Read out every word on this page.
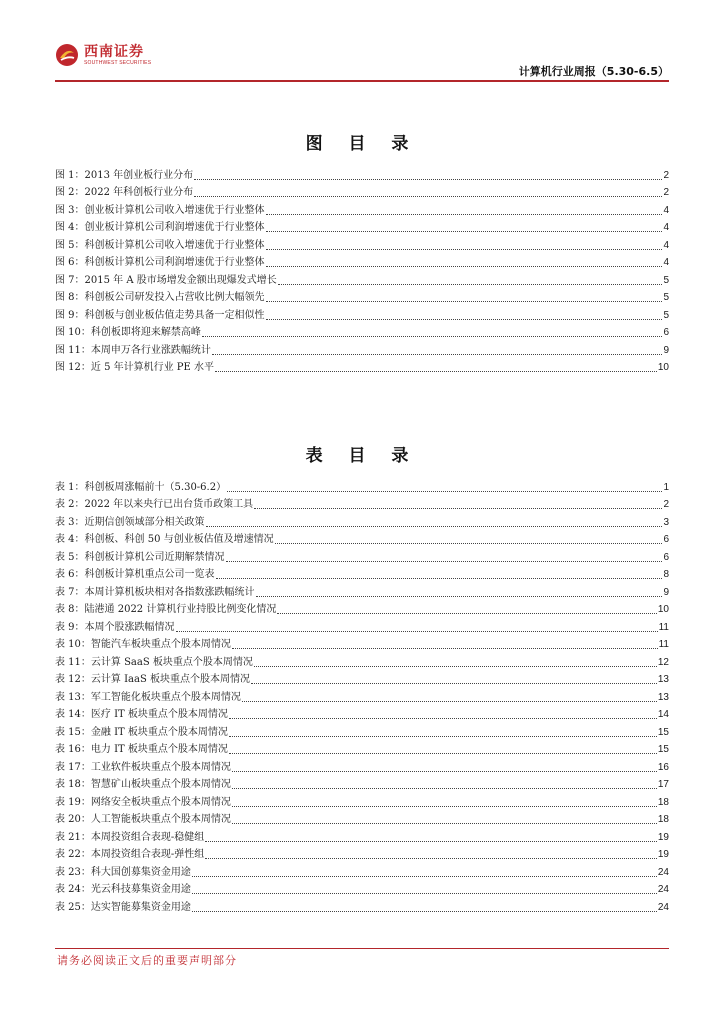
西南证券
SOUTHWEST SECURITIES
计算机行业周报（5.30-6.5）
图 目 录
图 1：2013 年创业板行业分布	2
图 2：2022 年科创板行业分布	2
图 3：创业板计算机公司收入增速优于行业整体	4
图 4：创业板计算机公司利润增速优于行业整体	4
图 5：科创板计算机公司收入增速优于行业整体	4
图 6：科创板计算机公司利润增速优于行业整体	4
图 7：2015 年 A 股市场增发金额出现爆发式增长	5
图 8：科创板公司研发投入占营收比例大幅领先	5
图 9：科创板与创业板估值走势具备一定相似性	5
图 10：科创板即将迎来解禁高峰	6
图 11：本周申万各行业涨跌幅统计	9
图 12：近 5 年计算机行业 PE 水平	10
表 目 录
表 1：科创板周涨幅前十（5.30-6.2）	1
表 2：2022 年以来央行已出台货币政策工具	2
表 3：近期信创领域部分相关政策	3
表 4：科创板、科创 50 与创业板估值及增速情况	6
表 5：科创板计算机公司近期解禁情况	6
表 6：科创板计算机重点公司一览表	8
表 7：本周计算机板块相对各指数涨跌幅统计	9
表 8：陆港通 2022 计算机行业持股比例变化情况	10
表 9：本周个股涨跌幅情况	11
表 10：智能汽车板块重点个股本周情况	11
表 11：云计算 SaaS 板块重点个股本周情况	12
表 12：云计算 IaaS 板块重点个股本周情况	13
表 13：军工智能化板块重点个股本周情况	13
表 14：医疗 IT 板块重点个股本周情况	14
表 15：金融 IT 板块重点个股本周情况	15
表 16：电力 IT 板块重点个股本周情况	15
表 17：工业软件板块重点个股本周情况	16
表 18：智慧矿山板块重点个股本周情况	17
表 19：网络安全板块重点个股本周情况	18
表 20：人工智能板块重点个股本周情况	18
表 21：本周投资组合表现-稳健组	19
表 22：本周投资组合表现-弹性组	19
表 23：科大国创募集资金用途	24
表 24：光云科技募集资金用途	24
表 25：达实智能募集资金用途	24
请务必阅读正文后的重要声明部分
